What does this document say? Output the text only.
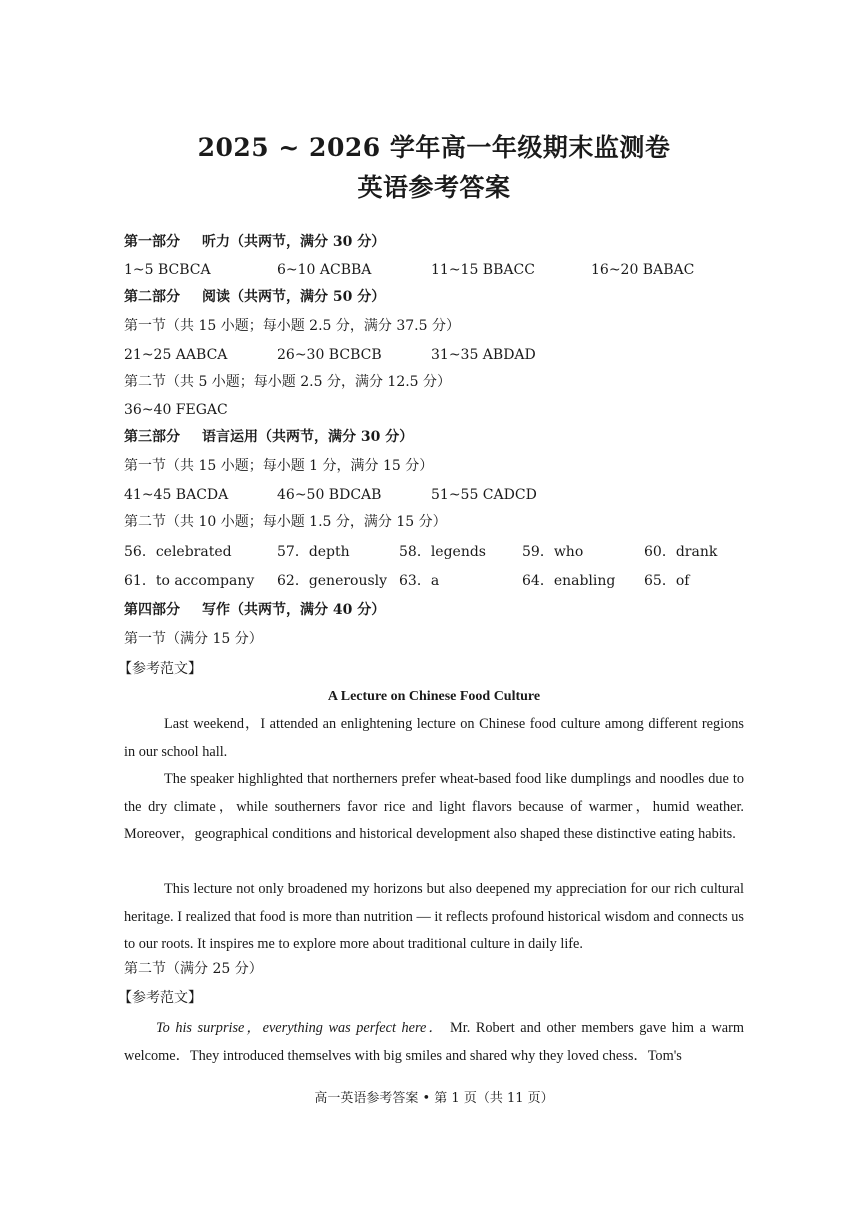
2025 ~ 2026 学年高一年级期末监测卷
英语参考答案
第一部分 听力（共两节，满分 30 分）
1~5 BCBCA	6~10 ACBBA	11~15 BBACC	16~20 BABAC
第二部分 阅读（共两节，满分 50 分）
第一节（共 15 小题；每小题 2.5 分，满分 37.5 分）
21~25 AABCA	26~30 BCBCB	31~35 ABDAD
第二节（共 5 小题；每小题 2.5 分，满分 12.5 分）
36~40 FEGAC
第三部分 语言运用（共两节，满分 30 分）
第一节（共 15 小题；每小题 1 分，满分 15 分）
41~45 BACDA	46~50 BDCAB	51~55 CADCD
第二节（共 10 小题；每小题 1.5 分，满分 15 分）
56．celebrated	57．depth	58．legends	59．who	60．drank
61．to accompany 62．generously 63．a	64．enabling 65．of
第四部分 写作（共两节，满分 40 分）
第一节（满分 15 分）
【参考范文】
A Lecture on Chinese Food Culture

Last weekend，I attended an enlightening lecture on Chinese food culture among different regions in our school hall.

The speaker highlighted that northerners prefer wheat-based food like dumplings and noodles due to the dry climate，while southerners favor rice and light flavors because of warmer，humid weather. Moreover，geographical conditions and historical development also shaped these distinctive eating habits.

This lecture not only broadened my horizons but also deepened my appreciation for our rich cultural heritage. I realized that food is more than nutrition — it reflects profound historical wisdom and connects us to our roots. It inspires me to explore more about traditional culture in daily life.

第二节（满分 25 分）
【参考范文】

To his surprise，everything was perfect here． Mr. Robert and other members gave him a warm welcome．They introduced themselves with big smiles and shared why they loved chess．Tom's

高一英语参考答案 • 第 1 页（共 11 页）
